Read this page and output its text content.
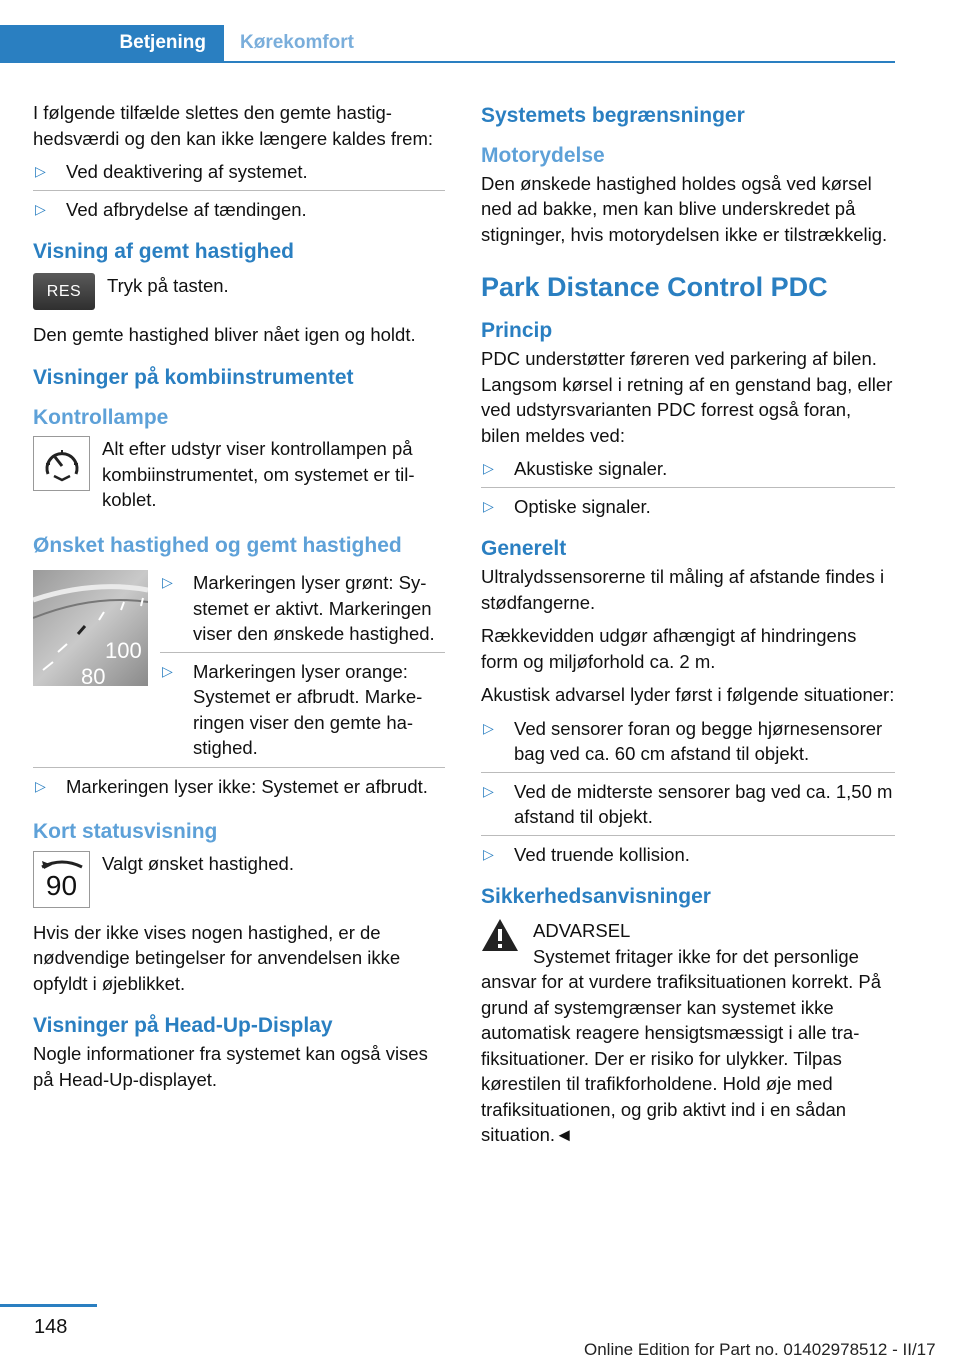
Betjening	Kørekomfort

I følgende tilfælde slettes den gemte hastighedsværdi og den kan ikke længere kaldes frem:

▷ Ved deaktivering af systemet.
▷ Ved afbrydelse af tændingen.
Visning af gemt hastighed
RES	Tryk på tasten.

Den gemte hastighed bliver nået igen og holdt.

Visninger på kombiinstrumentet
Kontrollampe
Alt efter udstyr viser kontrollampen på kombiinstrumentet, om systemet er tilkoblet.
Ønsket hastighed og gemt hastighed
100
80
▷ Markeringen lyser grønt: Systemet er aktivt. Markeringen viser den ønskede hastighed.
▷ Markeringen lyser orange: Systemet er afbrudt. Markeringen viser den gemte hastighed.
▷ Markeringen lyser ikke: Systemet er afbrudt.
Kort statusvisning
90
Valgt ønsket hastighed.

Hvis der ikke vises nogen hastighed, er de nødvendige betingelser for anvendelsen ikke opfyldt i øjeblikket.

Visninger på Head-Up-Display

Nogle informationer fra systemet kan også vises på Head-Up-displayet.

Systemets begrænsninger
Motorydelse

Den ønskede hastighed holdes også ved kørsel ned ad bakke, men kan blive underskredet på stigninger, hvis motorydelsen ikke er tilstrækkelig.

Park Distance Control PDC
Princip

PDC understøtter føreren ved parkering af bilen. Langsom kørsel i retning af en genstand bag, eller ved udstyrsvarianten PDC forrest også foran, bilen meldes ved:

▷ Akustiske signaler.
▷ Optiske signaler.
Generelt

Ultralydssensorerne til måling af afstande findes i stødfangerne.

Rækkevidden udgør afhængigt af hindringens form og miljøforhold ca. 2 m.

Akustisk advarsel lyder først i følgende situationer:

▷ Ved sensorer foran og begge hjørnesensorer bag ved ca. 60 cm afstand til objekt.
▷ Ved de midterste sensorer bag ved ca. 1,50 m afstand til objekt.
▷ Ved truende kollision.
Sikkerhedsanvisninger
ADVARSEL
Systemet fritager ikke for det personlige

ansvar for at vurdere trafiksituationen korrekt. På grund af systemgrænser kan systemet ikke automatisk reagere hensigtsmæssigt i alle trafiksituationer. Der er risiko for ulykker. Tilpas kørestilen til trafikforholdene. Hold øje med trafiksituationen, og grib aktivt ind i en sådan situation.◄

148
Online Edition for Part no. 01402978512 - II/17
